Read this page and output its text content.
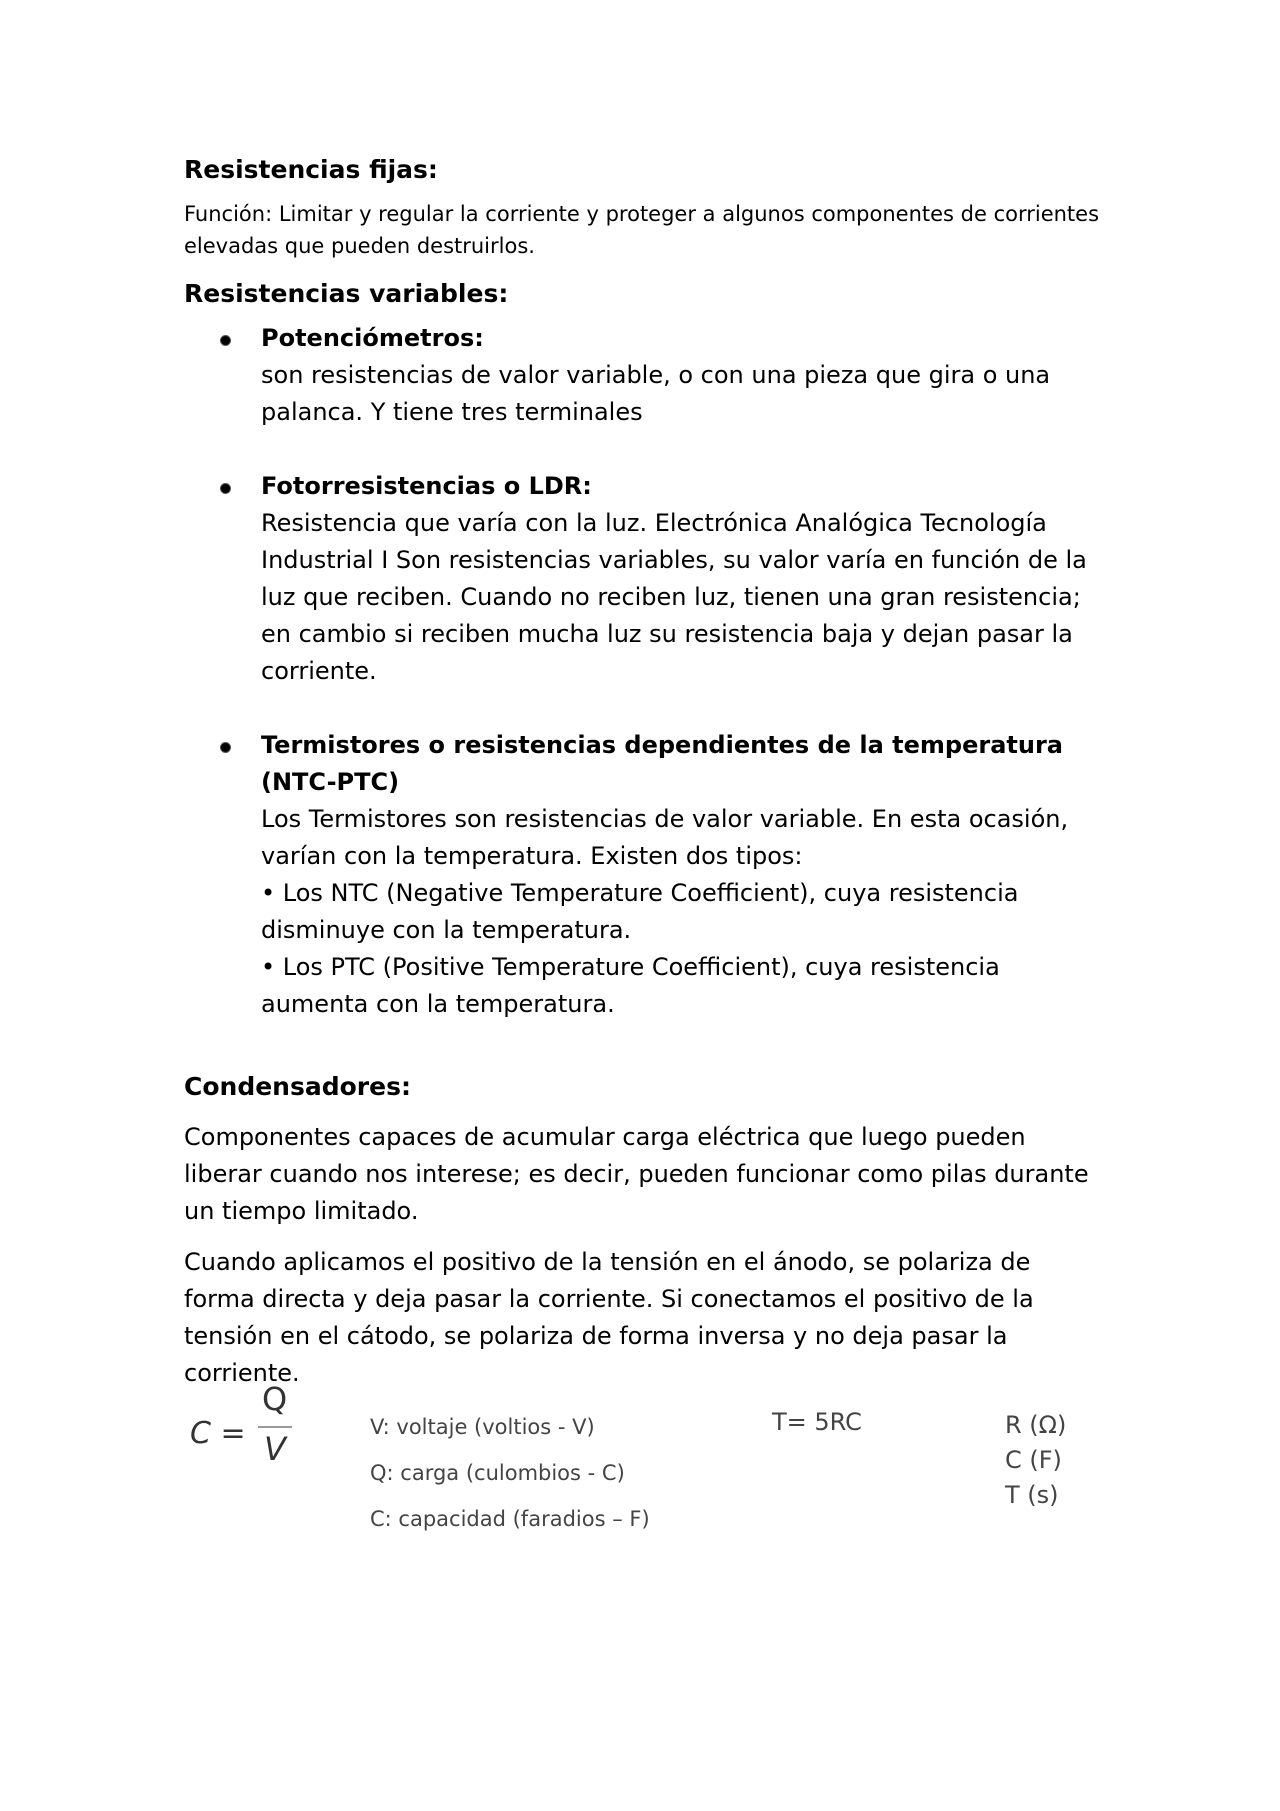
Resistencias fijas:

Función: Limitar y regular la corriente y proteger a algunos componentes de corrientes elevadas que pueden destruirlos.

Resistencias variables:
Potenciómetros:
son resistencias de valor variable, o con una pieza que gira o una palanca. Y tiene tres terminales
Fotorresistencias o LDR:
Resistencia que varía con la luz. Electrónica Analógica Tecnología Industrial I Son resistencias variables, su valor varía en función de la luz que reciben. Cuando no reciben luz, tienen una gran resistencia; en cambio si reciben mucha luz su resistencia baja y dejan pasar la corriente.
Termistores o resistencias dependientes de la temperatura (NTC-PTC)
Los Termistores son resistencias de valor variable. En esta ocasión, varían con la temperatura. Existen dos tipos:
• Los NTC (Negative Temperature Coefficient), cuya resistencia disminuye con la temperatura.
• Los PTC (Positive Temperature Coefficient), cuya resistencia aumenta con la temperatura.
Condensadores:

Componentes capaces de acumular carga eléctrica que luego pueden liberar cuando nos interese; es decir, pueden funcionar como pilas durante un tiempo limitado.

Cuando aplicamos el positivo de la tensión en el ánodo, se polariza de forma directa y deja pasar la corriente. Si conectamos el positivo de la tensión en el cátodo, se polariza de forma inversa y no deja pasar la corriente.

C =
Q
V
V: voltaje (voltios - V)
Q: carga (culombios - C)
C: capacidad (faradios – F)
T= 5RC	R (Ω)
C (F)
T (s)
